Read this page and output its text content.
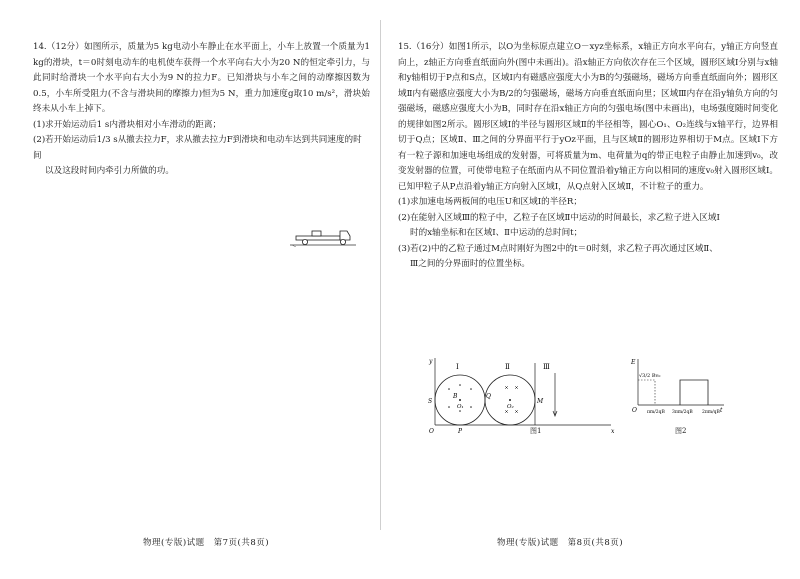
14.（12分）如图所示，质量为5 kg电动小车静止在水平面上，小车上放置一个质量为1 kg的滑块，t＝0时刻电动车的电机使车获得一个水平向右大小为20 N的恒定牵引力，与此同时给滑块一个水平向右大小为9 N的拉力F。已知滑块与小车之间的动摩擦因数为0.5，小车所受阻力(不含与滑块间的摩擦力)恒为5 N，重力加速度g取10 m/s²，滑块始终未从小车上掉下。

(1)求开始运动后1 s内滑块相对小车滑动的距离；

(2)若开始运动后1/3 s从撤去拉力F，求从撤去拉力F到滑块和电动车达到共同速度的时间

以及这段时间内牵引力所做的功。

物理(专版)试题　第7页(共8页)

15.（16分）如图1所示，以O为坐标原点建立O－xyz坐标系，x轴正方向水平向右，y轴正方向竖直向上，z轴正方向垂直纸面向外(图中未画出)。沿x轴正方向依次存在三个区域，圆形区域Ⅰ分别与x轴和y轴相切于P点和S点，区域Ⅰ内有磁感应强度大小为B的匀强磁场，磁场方向垂直纸面向外；圆形区域Ⅱ内有磁感应强度大小为B/2的匀强磁场，磁场方向垂直纸面向里；区域Ⅲ内存在沿y轴负方向的匀强磁场，磁感应强度大小为B，同时存在沿x轴正方向的匀强电场(图中未画出)，电场强度随时间变化的规律如图2所示。圆形区域Ⅰ的半径与圆形区域Ⅱ的半径相等，圆心O₁、O₂连线与x轴平行，边界相切于Q点；区域Ⅱ、Ⅲ之间的分界面平行于yOz平面，且与区域Ⅱ的圆形边界相切于M点。区域Ⅰ下方有一粒子源和加速电场组成的发射器，可将质量为m、电荷量为q的带正电粒子由静止加速到v₀，改变发射器的位置，可使带电粒子在纸面内从不同位置沿着y轴正方向以相同的速度v₀射入圆形区域Ⅰ。已知甲粒子从P点沿着y轴正方向射入区域Ⅰ，从Q点射入区域Ⅱ，不计粒子的重力。

(1)求加速电场两板间的电压U和区域Ⅰ的半径R；

(2)在能射入区域Ⅲ的粒子中，乙粒子在区域Ⅱ中运动的时间最长，求乙粒子进入区域Ⅰ

时的x轴坐标和在区域Ⅰ、Ⅱ中运动的总时间t；

(3)若(2)中的乙粒子通过M点时刚好为图2中的t＝0时刻，求乙粒子再次通过区域Ⅱ、

Ⅲ之间的分界面时的位置坐标。

Ⅰ	Ⅱ	Ⅲ
y
x
O
S
P
Q
M
B
O₁	O₂
图1
E
O	t
√3/2 Bv₀
πm/2qB 3πm/2qB 2πm/qB
图2
物理(专版)试题　第8页(共8页)
